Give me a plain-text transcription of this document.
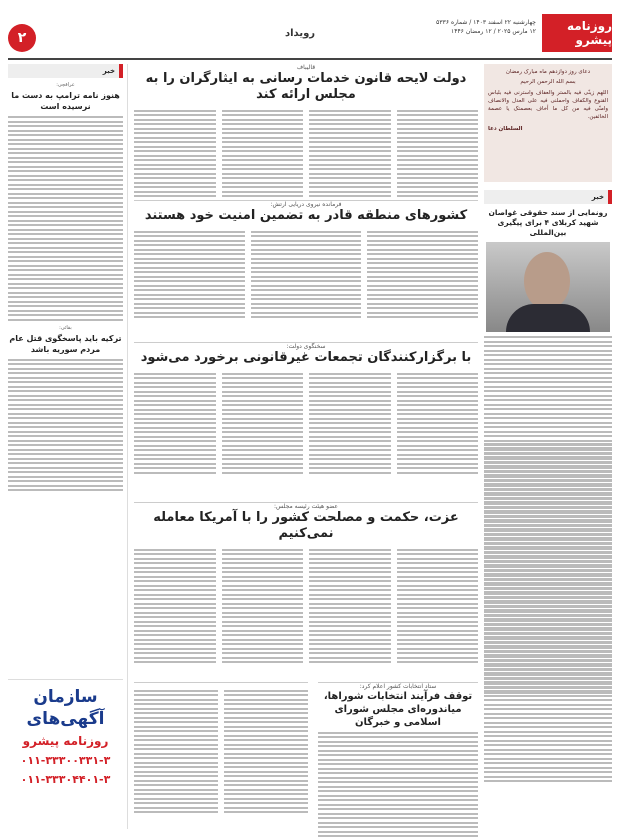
روزنامه پیشرو
چهارشنبه ۲۲ اسفند ۱۴۰۳ / شماره ۵۳۳۶
۱۲ مارس ۲۰۲۵ / ۱۲ رمضان ۱۴۴۶
رویداد
۲
خبر
عراقچی:
هنوز نامه ترامپ به دست ما نرسیده است
بقائی:
ترکیه باید پاسخگوی قتل عام مردم سوریه باشد
سازمان آگهی‌های
روزنامه پیشرو
۰۱۱-۳۳۳۰۰۳۳۱-۳
۰۱۱-۳۳۳۰۴۴۰۱-۳
دعای روز دوازدهم ماه مبارک رمضان
بسم الله الرحمن الرحیم
اللهم زینّی فیه بالستر والعفاف واسترنی فیه بلباس القنوع والکفاف واحملنی فیه علی العدل والانصاف وامنّی فیه من کل ما أخاف بعصمتک یا عصمة الخائفین.
السلطان دعا
قالیباف
دولت لایحه قانون خدمات رسانی به ایثارگران را به مجلس ارائه کند
خبر
رونمایی از سند حقوقی غواصان شهید کربلای ۴ برای پیگیری بین‌المللی
فرمانده نیروی دریایی ارتش:
کشورهای منطقه قادر به تضمین امنیت خود هستند
سخنگوی دولت:
با برگزارکنندگان تجمعات غیرقانونی برخورد می‌شود
عضو هیئت رئیسه مجلس:
عزت، حکمت و مصلحت کشور را با آمریکا معامله نمی‌کنیم
ستاد انتخابات کشور اعلام کرد:
توقف فرآیند انتخابات شوراها، میاندوره‌ای مجلس شورای اسلامی و خبرگان
